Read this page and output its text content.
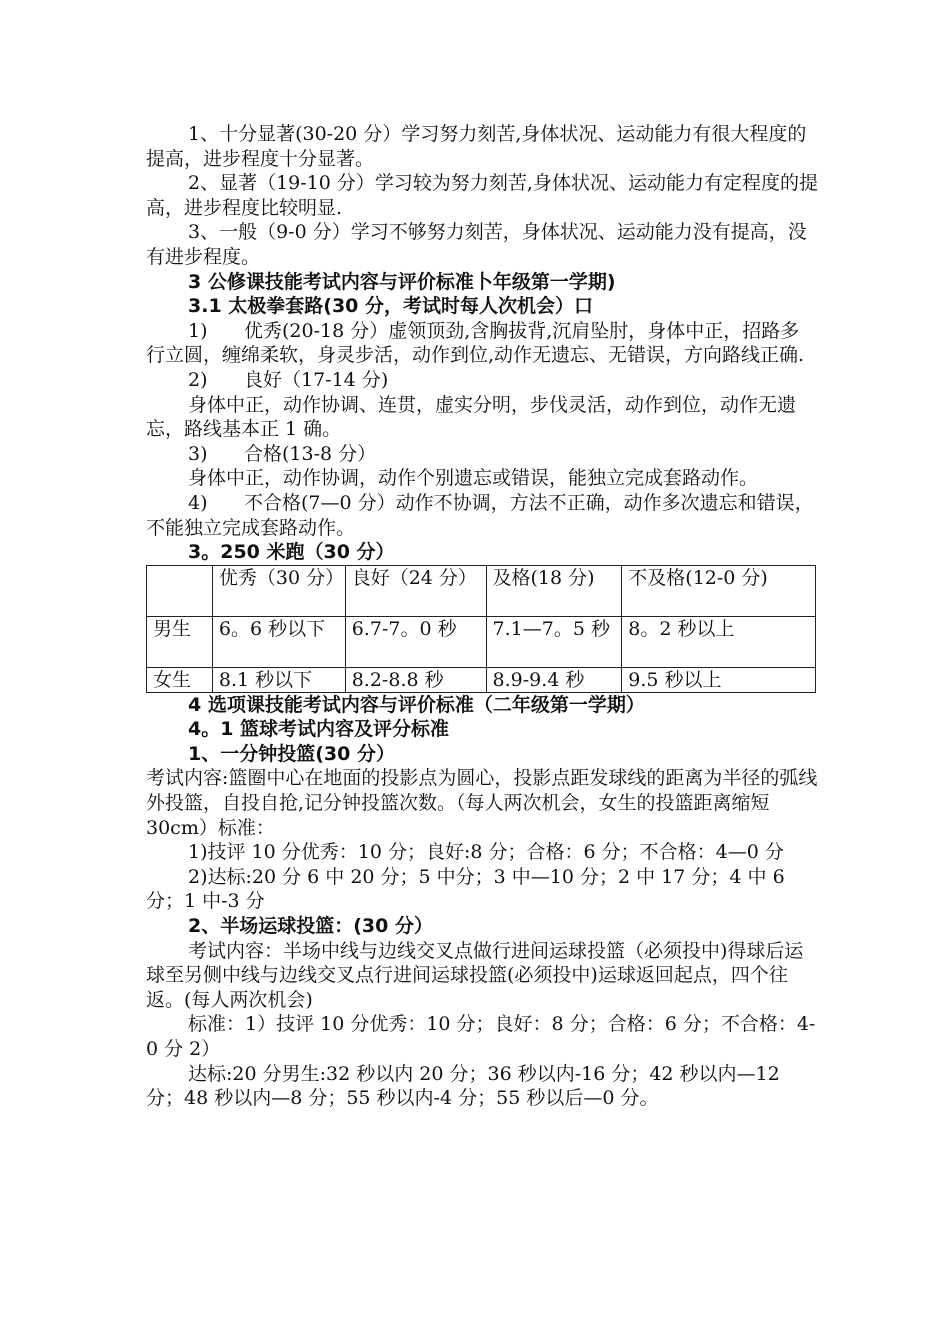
1、十分显著(30-20 分）学习努力刻苦,身体状况、运动能力有很大程度的提高，进步程度十分显著。

2、显著（19-10 分）学习较为努力刻苦,身体状况、运动能力有定程度的提高，进步程度比较明显.

3、一般（9-0 分）学习不够努力刻苦，身体状况、运动能力没有提高，没有进步程度。

3 公修课技能考试内容与评价标准卜年级第一学期)

3.1 太极拳套路(30 分，考试时每人次机会）口

1) 优秀(20-18 分）虚领顶劲,含胸拔背,沉肩坠肘，身体中正，招路多行立圆，缠绵柔软，身灵步活，动作到位,动作无遗忘、无错误，方向路线正确.

2) 良好（17-14 分)

身体中正，动作协调、连贯，虚实分明，步伐灵活，动作到位，动作无遗忘，路线基本正 1 确。

3) 合格(13-8 分）

身体中正，动作协调，动作个别遗忘或错误，能独立完成套路动作。

4) 不合格(7—0 分）动作不协调，方法不正确，动作多次遗忘和错误，不能独立完成套路动作。

3。250 米跑（30 分）

	优秀（30 分）	良好（24 分）	及格(18 分)	不及格(12-0 分)
男生	6。6 秒以下	6.7-7。0 秒	7.1—7。5 秒	8。2 秒以上
女生	8.1 秒以下	8.2-8.8 秒	8.9-9.4 秒	9.5 秒以上

4 选项课技能考试内容与评价标准（二年级第一学期）

4。1 篮球考试内容及评分标准

1、一分钟投篮(30 分）

考试内容:篮圈中心在地面的投影点为圆心，投影点距发球线的距离为半径的弧线外投篮，自投自抢,记分钟投篮次数。（每人两次机会，女生的投篮距离缩短 30cm）标准：

1)技评 10 分优秀：10 分；良好:8 分；合格：6 分；不合格：4—0 分

2)达标:20 分 6 中 20 分；5 中分；3 中—10 分；2 中 17 分；4 中 6 分；1 中-3 分

2、半场运球投篮：(30 分）

考试内容：半场中线与边线交叉点做行进间运球投篮（必须投中)得球后运球至另侧中线与边线交叉点行进间运球投篮(必须投中)运球返回起点，四个往返。(每人两次机会)

标准：1）技评 10 分优秀：10 分；良好：8 分；合格：6 分；不合格：4-0 分 2）

达标:20 分男生:32 秒以内 20 分；36 秒以内-16 分；42 秒以内—12 分；48 秒以内—8 分；55 秒以内-4 分；55 秒以后—0 分。
